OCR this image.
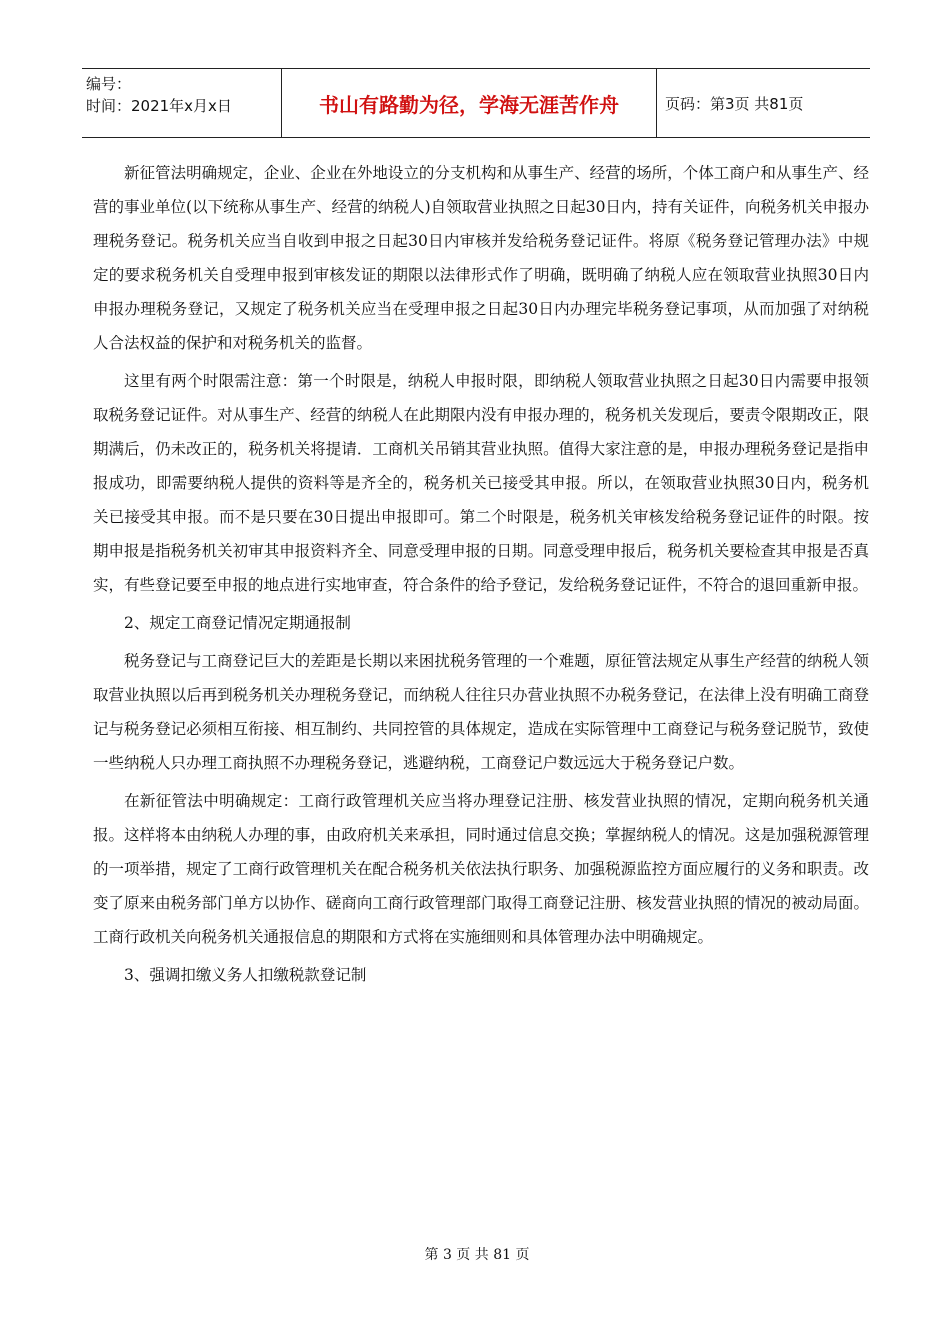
编号：
时间：2021年x月x日	书山有路勤为径，学海无涯苦作舟	页码：第3页 共81页

新征管法明确规定，企业、企业在外地设立的分支机构和从事生产、经营的场所，个体工商户和从事生产、经营的事业单位(以下统称从事生产、经营的纳税人)自领取营业执照之日起30日内，持有关证件，向税务机关申报办理税务登记。税务机关应当自收到申报之日起30日内审核并发给税务登记证件。将原《税务登记管理办法》中规定的要求税务机关自受理申报到审核发证的期限以法律形式作了明确，既明确了纳税人应在领取营业执照30日内申报办理税务登记，又规定了税务机关应当在受理申报之日起30日内办理完毕税务登记事项，从而加强了对纳税人合法权益的保护和对税务机关的监督。

这里有两个时限需注意：第一个时限是，纳税人申报时限，即纳税人领取营业执照之日起30日内需要申报领取税务登记证件。对从事生产、经营的纳税人在此期限内没有申报办理的，税务机关发现后，要责令限期改正，限期满后，仍未改正的，税务机关将提请．工商机关吊销其营业执照。值得大家注意的是，申报办理税务登记是指申报成功，即需要纳税人提供的资料等是齐全的，税务机关已接受其申报。所以，在领取营业执照30日内，税务机关已接受其申报。而不是只要在30日提出申报即可。第二个时限是，税务机关审核发给税务登记证件的时限。按期申报是指税务机关初审其申报资料齐全、同意受理申报的日期。同意受理申报后，税务机关要检查其申报是否真实，有些登记要至申报的地点进行实地审查，符合条件的给予登记，发给税务登记证件，不符合的退回重新申报。

2、规定工商登记情况定期通报制

税务登记与工商登记巨大的差距是长期以来困扰税务管理的一个难题，原征管法规定从事生产经营的纳税人领取营业执照以后再到税务机关办理税务登记，而纳税人往往只办营业执照不办税务登记，在法律上没有明确工商登记与税务登记必须相互衔接、相互制约、共同控管的具体规定，造成在实际管理中工商登记与税务登记脱节，致使一些纳税人只办理工商执照不办理税务登记，逃避纳税，工商登记户数远远大于税务登记户数。

在新征管法中明确规定：工商行政管理机关应当将办理登记注册、核发营业执照的情况，定期向税务机关通报。这样将本由纳税人办理的事，由政府机关来承担，同时通过信息交换；掌握纳税人的情况。这是加强税源管理的一项举措，规定了工商行政管理机关在配合税务机关依法执行职务、加强税源监控方面应履行的义务和职责。改变了原来由税务部门单方以协作、磋商向工商行政管理部门取得工商登记注册、核发营业执照的情况的被动局面。工商行政机关向税务机关通报信息的期限和方式将在实施细则和具体管理办法中明确规定。

3、强调扣缴义务人扣缴税款登记制

第 3 页 共 81 页
